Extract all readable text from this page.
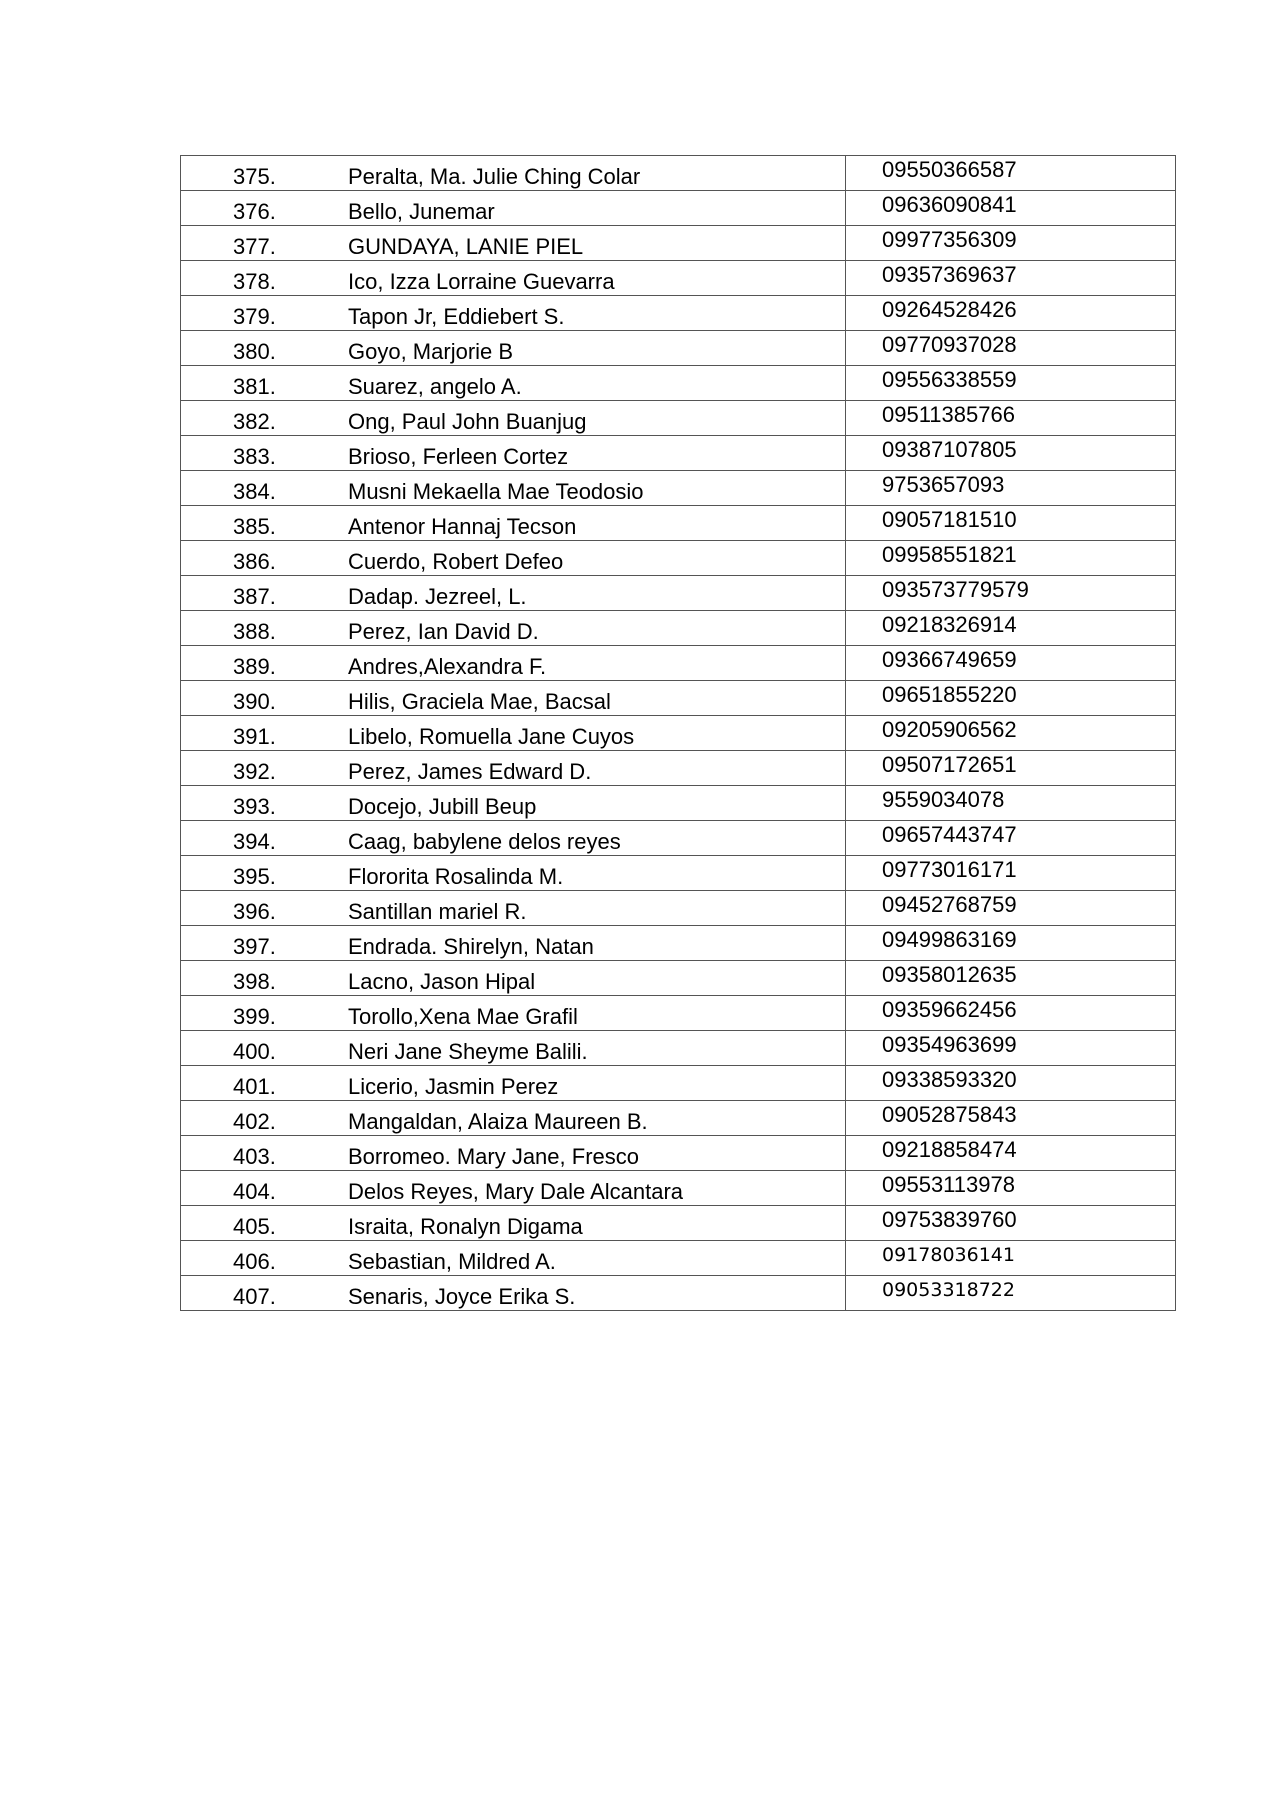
375. Peralta, Ma. Julie Ching Colar	09550366587

376. Bello, Junemar	09636090841

377. GUNDAYA, LANIE PIEL	09977356309

378. Ico, Izza Lorraine Guevarra	09357369637

379. Tapon Jr, Eddiebert S.	09264528426

380. Goyo, Marjorie B	09770937028

381. Suarez, angelo A.	09556338559

382. Ong, Paul John Buanjug	09511385766

383. Brioso, Ferleen Cortez	09387107805

384. Musni Mekaella Mae Teodosio	9753657093

385. Antenor Hannaj Tecson	09057181510

386. Cuerdo, Robert Defeo	09958551821

387. Dadap. Jezreel, L.	093573779579

388. Perez, Ian David D.	09218326914

389. Andres,Alexandra F.	09366749659

390. Hilis, Graciela Mae, Bacsal	09651855220

391. Libelo, Romuella Jane Cuyos	09205906562

392. Perez, James Edward D.	09507172651

393. Docejo, Jubill Beup	9559034078

394. Caag, babylene delos reyes	09657443747

395. Flororita Rosalinda M.	09773016171

396. Santillan mariel R.	09452768759

397. Endrada. Shirelyn, Natan	09499863169

398. Lacno, Jason Hipal	09358012635

399. Torollo,Xena Mae Grafil	09359662456

400. Neri Jane Sheyme Balili.	09354963699

401. Licerio, Jasmin Perez	09338593320

402. Mangaldan, Alaiza Maureen B.	09052875843

403. Borromeo. Mary Jane, Fresco	09218858474

404. Delos Reyes, Mary Dale Alcantara	09553113978

405. Israita, Ronalyn Digama	09753839760

406. Sebastian, Mildred A.	09178036141

407. Senaris, Joyce Erika S.	09053318722
